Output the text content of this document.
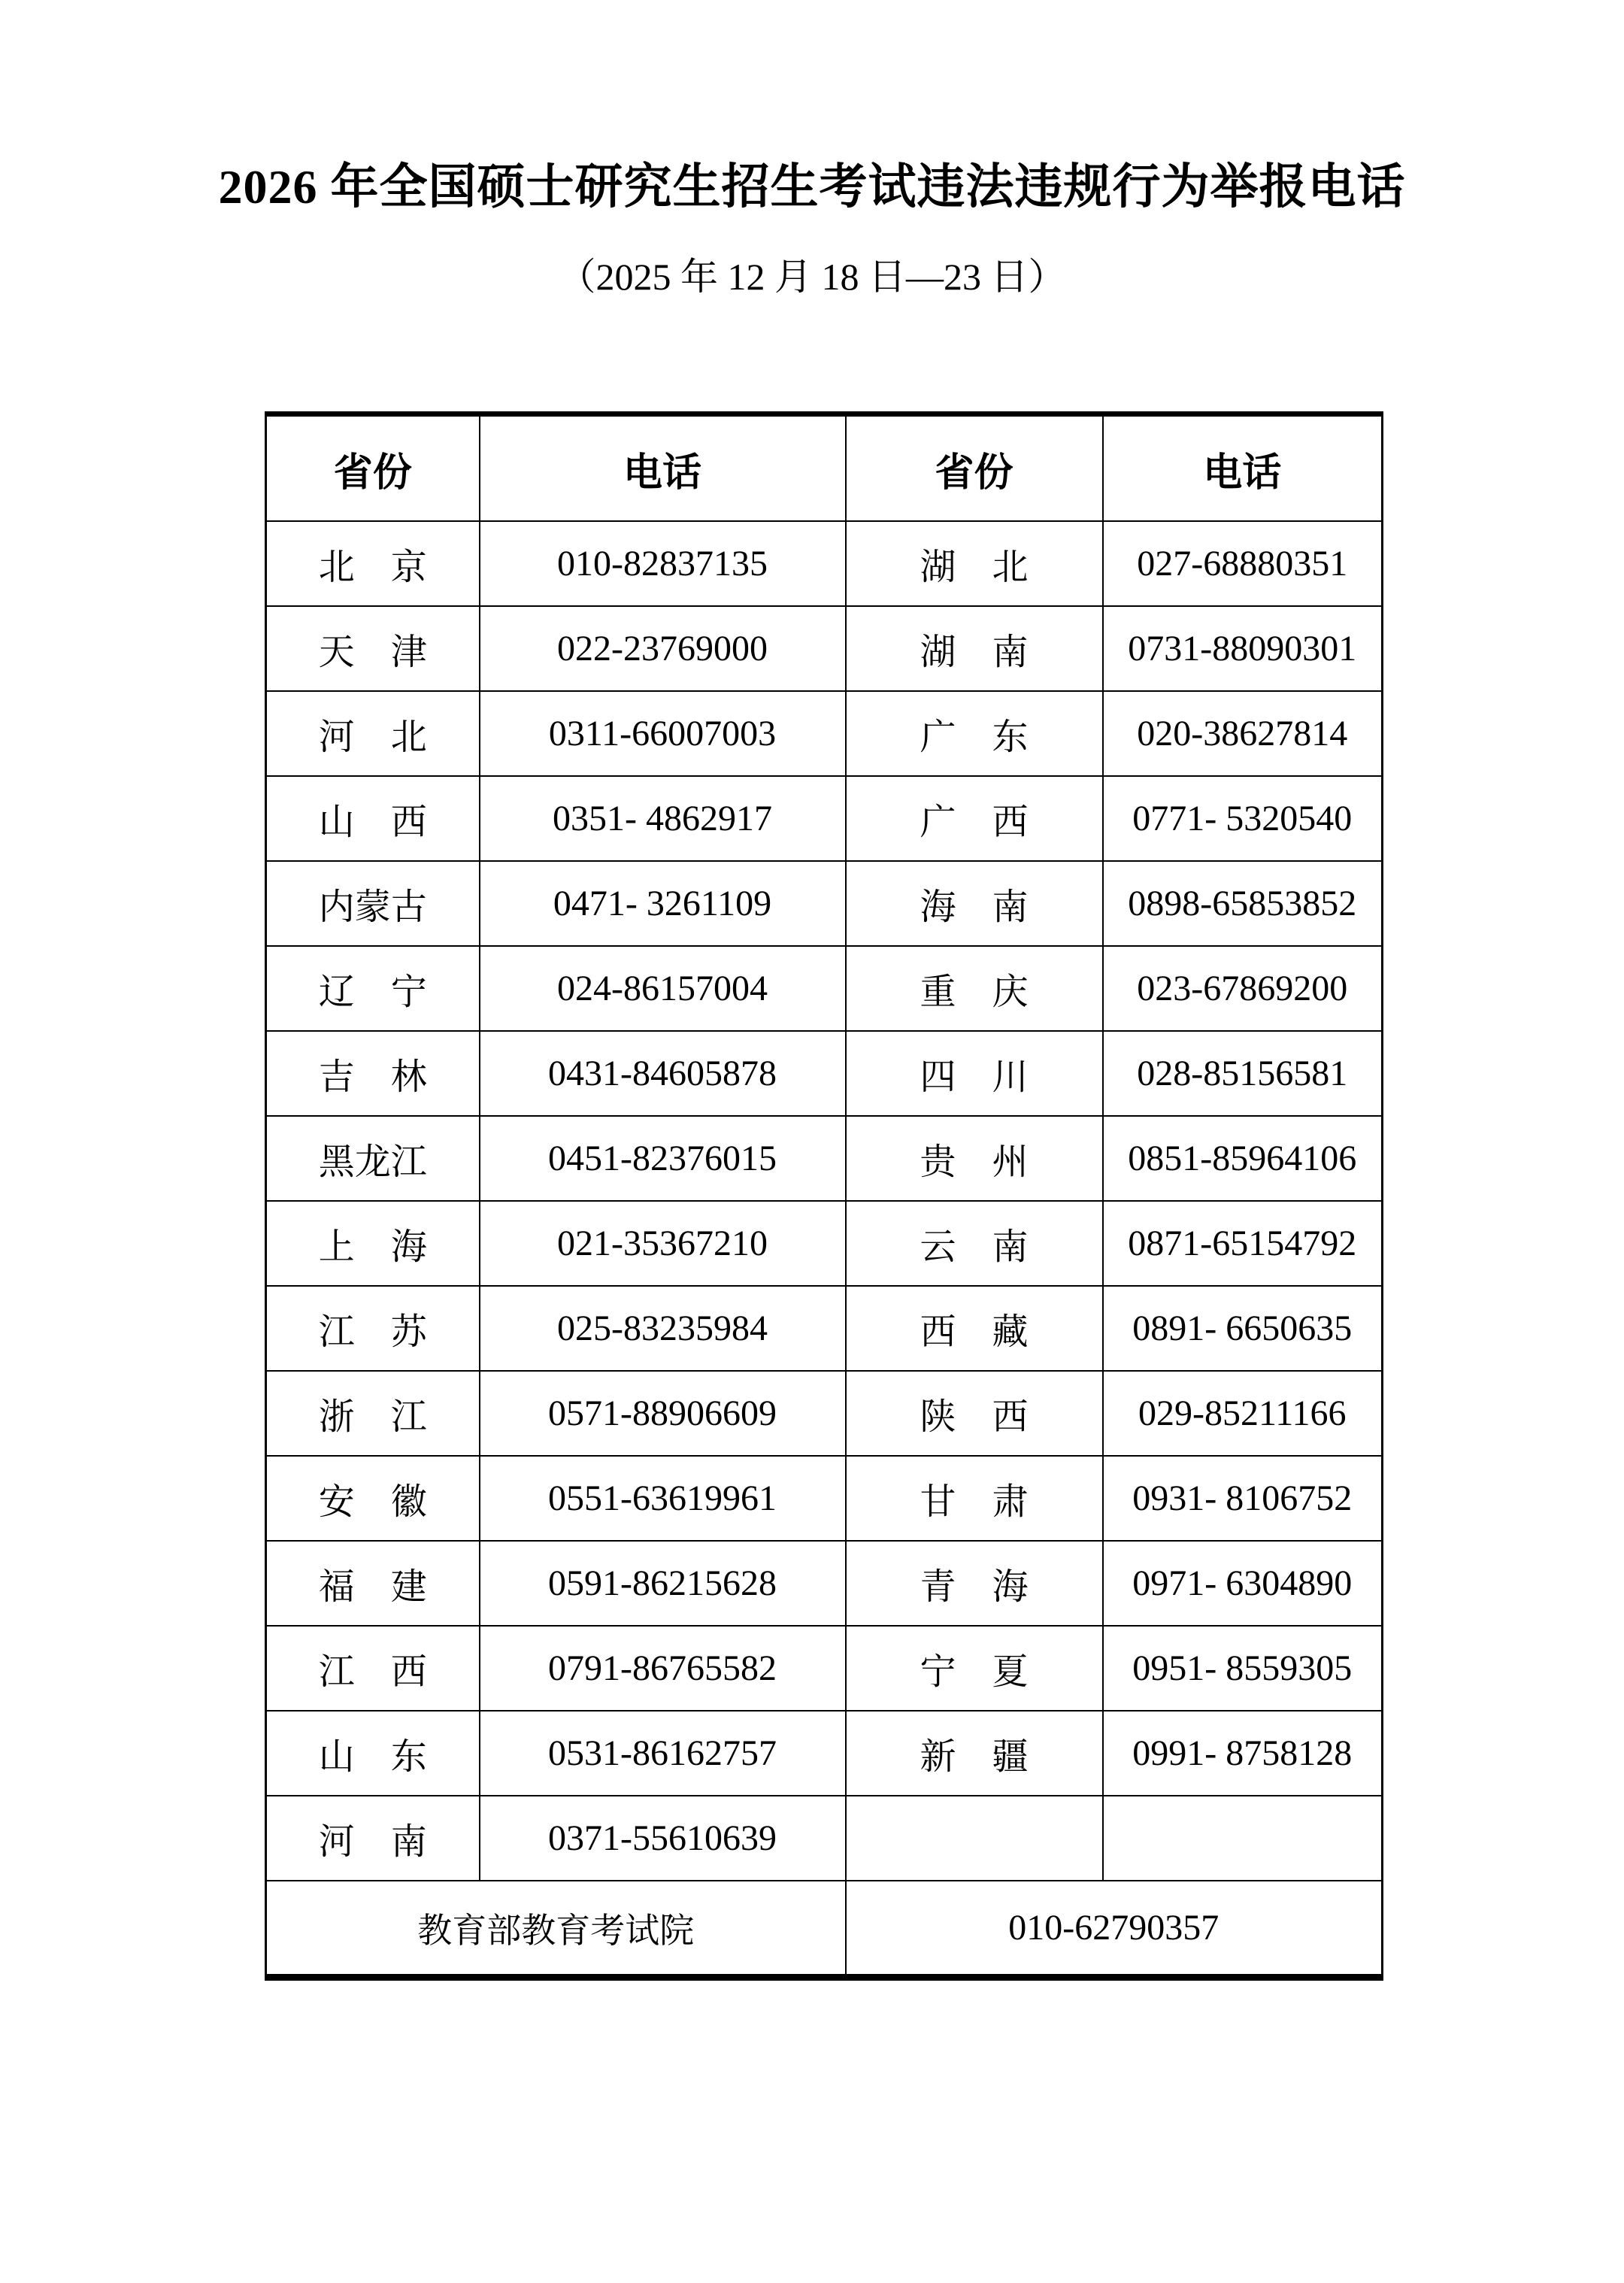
2026 年全国硕士研究生招生考试违法违规行为举报电话

（2025 年 12 月 18 日—23 日）

省份	电话	省份	电话

北 京	010-82837135	湖 北	027-68880351

天 津	022-23769000	湖 南	0731-88090301

河 北	0311-66007003	广 东	020-38627814

山 西	0351- 4862917	广 西	0771- 5320540

内 蒙 古	0471- 3261109	海 南	0898-65853852

辽 宁	024-86157004	重 庆	023-67869200

吉 林	0431-84605878	四 川	028-85156581

黑 龙 江	0451-82376015	贵 州	0851-85964106

上 海	021-35367210	云 南	0871-65154792

江 苏	025-83235984	西 藏	0891- 6650635

浙 江	0571-88906609	陕 西	029-85211166

安 徽	0551-63619961	甘 肃	0931- 8106752

福 建	0591-86215628	青 海	0971- 6304890

江 西	0791-86765582	宁 夏	0951- 8559305

山 东	0531-86162757	新 疆	0991- 8758128

河 南	0371-55610639		
教育部教育考试院		010-62790357	
